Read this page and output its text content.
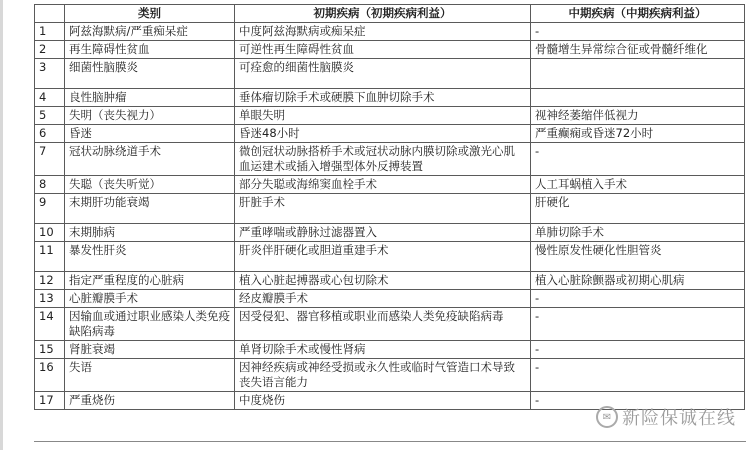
	类别	初期疾病（初期疾病利益）	中期疾病（中期疾病利益）
1	阿兹海默病/严重痴呆症	中度阿兹海默病或痴呆症	-
2	再生障碍性贫血	可逆性再生障碍性贫血	骨髓增生异常综合征或骨髓纤维化
3	细菌性脑膜炎	可痊愈的细菌性脑膜炎	
4	良性脑肿瘤	垂体瘤切除手术或硬膜下血肿切除手术	
5	失明（丧失视力）	单眼失明	视神经萎缩伴低视力
6	昏迷	昏迷48小时	严重癫痫或昏迷72小时
7	冠状动脉绕道手术	微创冠状动脉搭桥手术或冠状动脉内膜切除或激光心肌血运建术或插入增强型体外反搏装置	-
8	失聪（丧失听觉）	部分失聪或海绵窦血栓手术	人工耳蜗植入手术
9	末期肝功能衰竭	肝脏手术	肝硬化
10	末期肺病	严重哮喘或静脉过滤器置入	单肺切除手术
11	暴发性肝炎	肝炎伴肝硬化或胆道重建手术	慢性原发性硬化性胆管炎
12	指定严重程度的心脏病	植入心脏起搏器或心包切除术	植入心脏除颤器或初期心肌病
13	心脏瓣膜手术	经皮瓣膜手术	-
14	因输血或通过职业感染人类免疫缺陷病毒	因受侵犯、器官移植或职业而感染人类免疫缺陷病毒	-
15	肾脏衰竭	单肾切除手术或慢性肾病	-
16	失语	因神经疾病或神经受损或永久性或临时气管造口术导致丧失语言能力	-
17	严重烧伤	中度烧伤	-
✉ 新险保诚在线
